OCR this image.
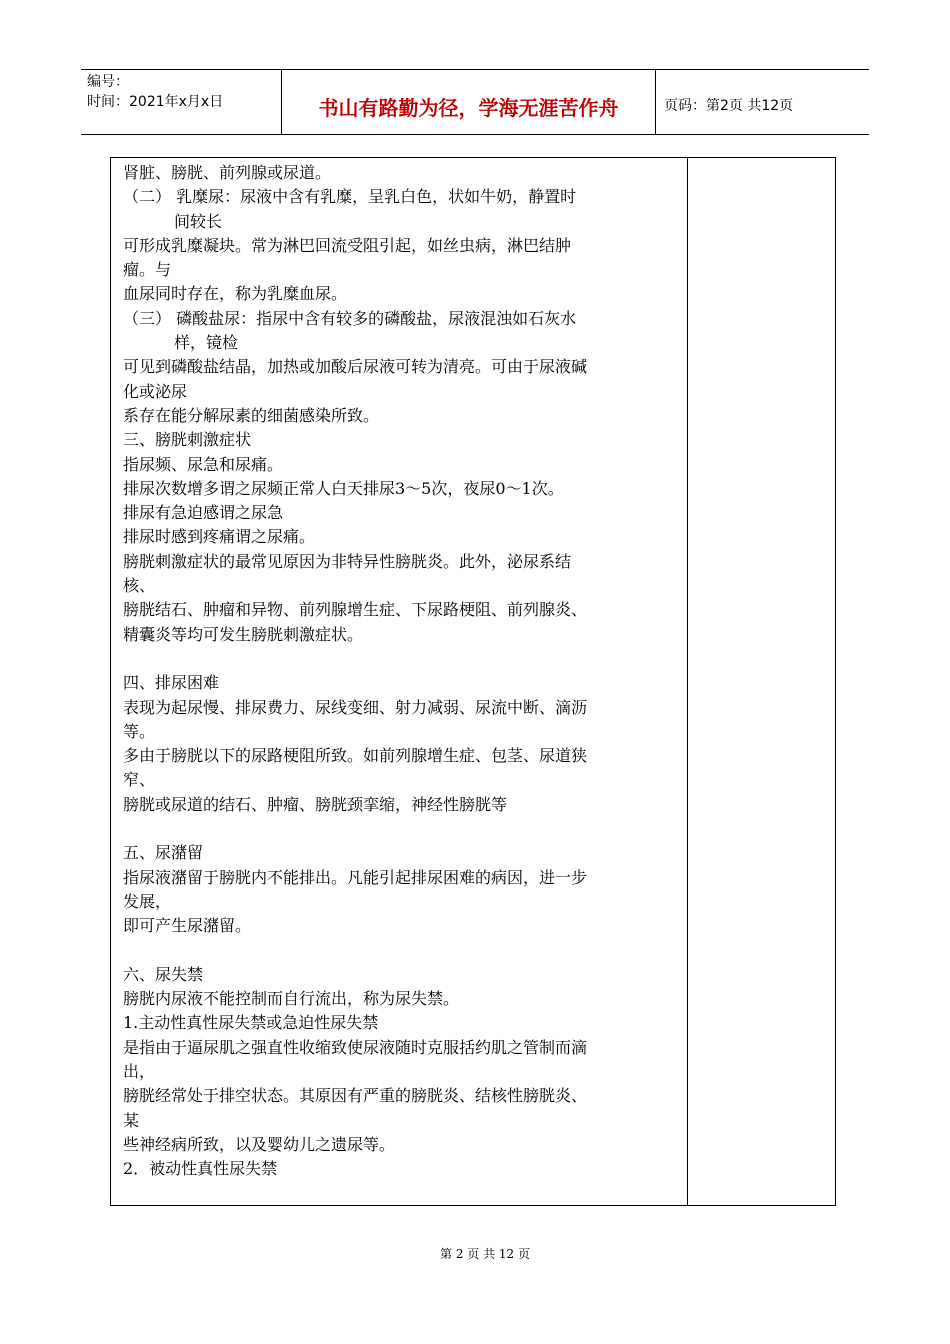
编号：
时间：2021年x月x日	书山有路勤为径，学海无涯苦作舟	页码：第2页 共12页
肾脏、膀胱、前列腺或尿道。
（二） 乳糜尿：尿液中含有乳糜，呈乳白色，状如牛奶，静置时
间较长
可形成乳糜凝块。常为淋巴回流受阻引起，如丝虫病，淋巴结肿
瘤。与
血尿同时存在，称为乳糜血尿。
（三） 磷酸盐尿：指尿中含有较多的磷酸盐，尿液混浊如石灰水
样，镜检
可见到磷酸盐结晶，加热或加酸后尿液可转为清亮。可由于尿液碱
化或泌尿
系存在能分解尿素的细菌感染所致。
三、膀胱刺激症状
指尿频、尿急和尿痛。
排尿次数增多谓之尿频正常人白天排尿3～5次，夜尿0～1次。
排尿有急迫感谓之尿急
排尿时感到疼痛谓之尿痛。
膀胱刺激症状的最常见原因为非特异性膀胱炎。此外，泌尿系结
核、
膀胱结石、肿瘤和异物、前列腺增生症、下尿路梗阻、前列腺炎、
精囊炎等均可发生膀胱刺激症状。
四、排尿困难
表现为起尿慢、排尿费力、尿线变细、射力减弱、尿流中断、滴沥
等。
多由于膀胱以下的尿路梗阻所致。如前列腺增生症、包茎、尿道狭
窄、
膀胱或尿道的结石、肿瘤、膀胱颈挛缩，神经性膀胱等
五、尿潴留
指尿液潴留于膀胱内不能排出。凡能引起排尿困难的病因，进一步
发展，
即可产生尿潴留。
六、尿失禁
膀胱内尿液不能控制而自行流出，称为尿失禁。
1.主动性真性尿失禁或急迫性尿失禁
是指由于逼尿肌之强直性收缩致使尿液随时克服括约肌之管制而滴
出，
膀胱经常处于排空状态。其原因有严重的膀胱炎、结核性膀胱炎、
某
些神经病所致，以及婴幼儿之遗尿等。
2．被动性真性尿失禁
第 2 页 共 12 页
